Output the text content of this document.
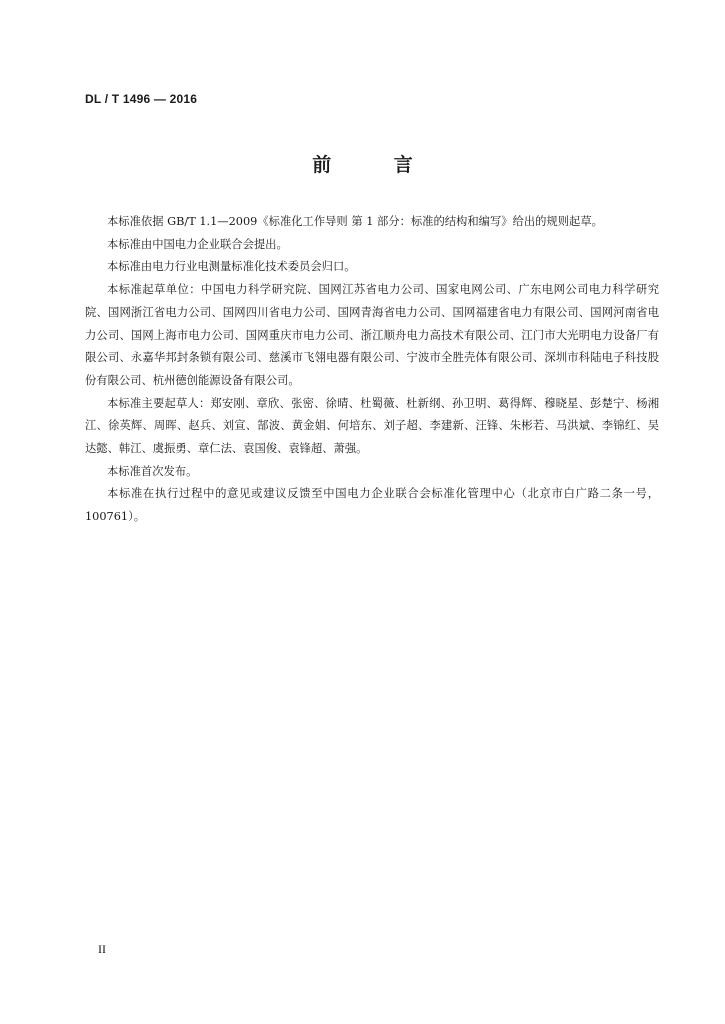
DL / T 1496 — 2016
前 言

本标准依据 GB/T 1.1—2009《标准化工作导则 第 1 部分：标准的结构和编写》给出的规则起草。

本标准由中国电力企业联合会提出。

本标准由电力行业电测量标准化技术委员会归口。

本标准起草单位：中国电力科学研究院、国网江苏省电力公司、国家电网公司、广东电网公司电力科学研究院、国网浙江省电力公司、国网四川省电力公司、国网青海省电力公司、国网福建省电力有限公司、国网河南省电力公司、国网上海市电力公司、国网重庆市电力公司、浙江顺舟电力高技术有限公司、江门市大光明电力设备厂有限公司、永嘉华邦封条锁有限公司、慈溪市飞翎电器有限公司、宁波市全胜壳体有限公司、深圳市科陆电子科技股份有限公司、杭州德创能源设备有限公司。

本标准主要起草人：郑安刚、章欣、张密、徐晴、杜蜀薇、杜新纲、孙卫明、葛得辉、穆晓星、彭楚宁、杨湘江、徐英辉、周晖、赵兵、刘宣、郜波、黄金娟、何培东、刘子超、李建新、汪锋、朱彬若、马洪斌、李锦红、吴达懿、韩江、虞振勇、章仁法、袁国俊、袁锋超、萧强。

本标准首次发布。

本标准在执行过程中的意见或建议反馈至中国电力企业联合会标准化管理中心（北京市白广路二条一号，100761）。

II
